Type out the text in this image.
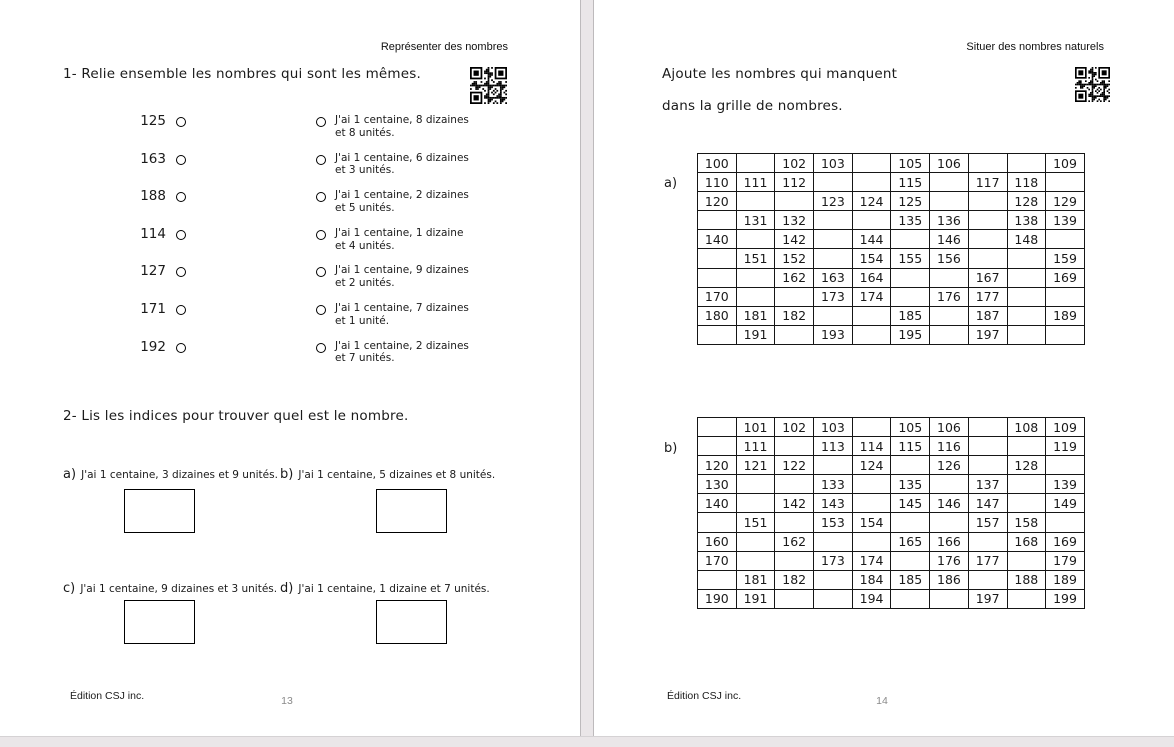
Représenter des nombres
1- Relie ensemble les nombres qui sont les mêmes.
125	J'ai 1 centaine, 8 dizaines et 8 unités.
163	J'ai 1 centaine, 6 dizaines et 3 unités.
188	J'ai 1 centaine, 2 dizaines et 5 unités.
114	J'ai 1 centaine, 1 dizaine et 4 unités.
127	J'ai 1 centaine, 9 dizaines et 2 unités.
171	J'ai 1 centaine, 7 dizaines et 1 unité.
192	J'ai 1 centaine, 2 dizaines et 7 unités.
2- Lis les indices pour trouver quel est le nombre.
a) J'ai 1 centaine, 3 dizaines et 9 unités. b) J'ai 1 centaine, 5 dizaines et 8 unités.
c) J'ai 1 centaine, 9 dizaines et 3 unités. d) J'ai 1 centaine, 1 dizaine et 7 unités.
Édition CSJ inc.	13
Situer des nombres naturels
Ajoute les nombres qui manquent
dans la grille de nombres.
a)
100		102	103		105	106			109
110	111	112			115		117	118	
120			123	124	125			128	129
	131	132			135	136		138	139
140		142		144		146		148	
	151	152		154	155	156			159
		162	163	164			167		169
170			173	174		176	177		
180	181	182			185		187		189
	191		193		195		197		
b)
	101	102	103		105	106		108	109
	111		113	114	115	116			119
120	121	122		124		126		128	
130			133		135		137		139
140		142	143		145	146	147		149
	151		153	154			157	158	
160		162			165	166		168	169
170			173	174		176	177		179
	181	182		184	185	186		188	189
190	191			194			197		199
Édition CSJ inc.	14
